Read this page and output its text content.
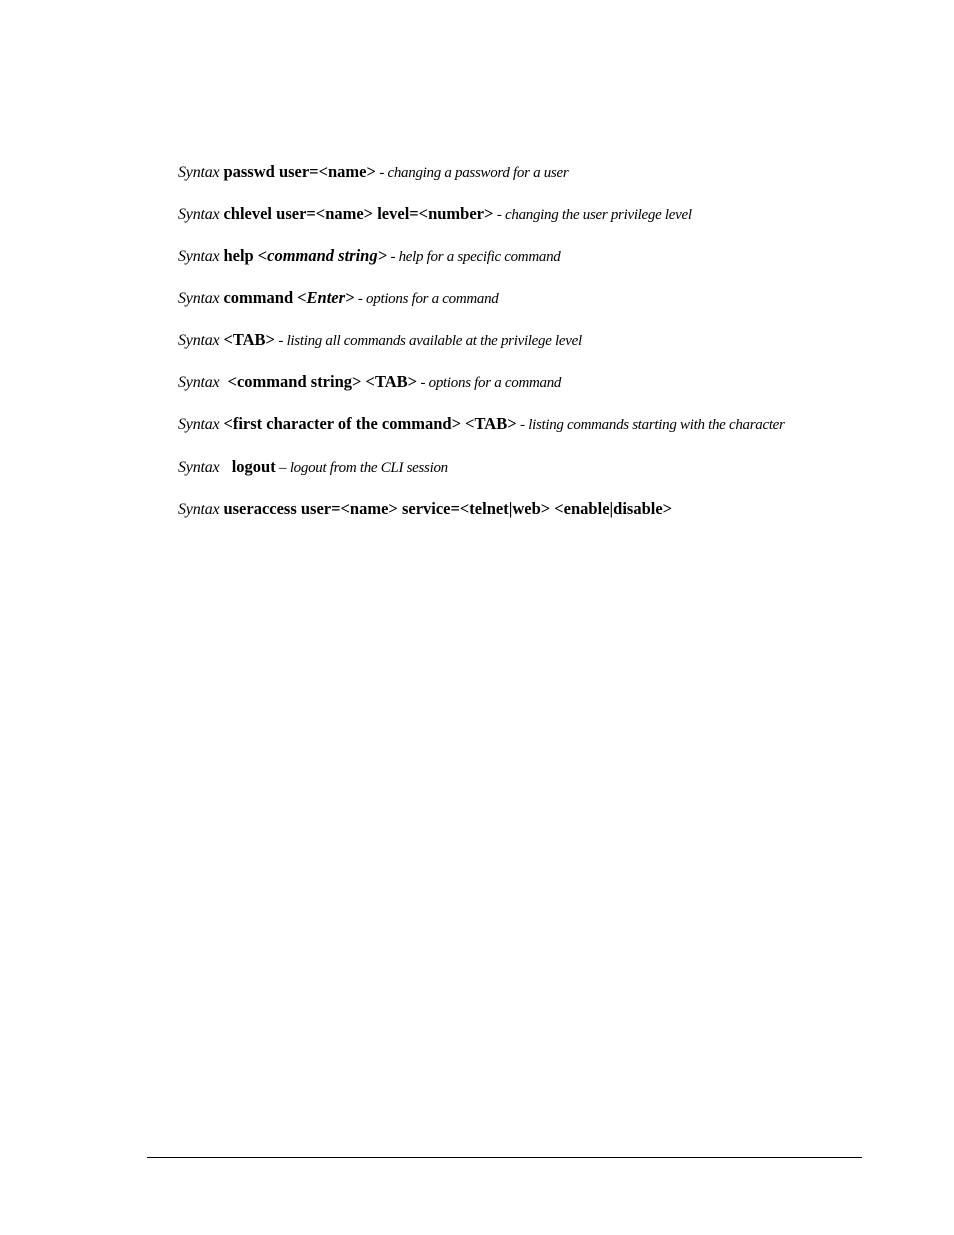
Syntax passwd user=<name> - changing a password for a user
Syntax chlevel user=<name> level=<number> - changing the user privilege level
Syntax help <command string> - help for a specific command
Syntax command <Enter> - options for a command
Syntax <TAB> - listing all commands available at the privilege level
Syntax  <command string> <TAB> - options for a command
Syntax <first character of the command> <TAB> - listing commands starting with the character
Syntax   logout – logout from the CLI session
Syntax useraccess user=<name> service=<telnet|web> <enable|disable>
